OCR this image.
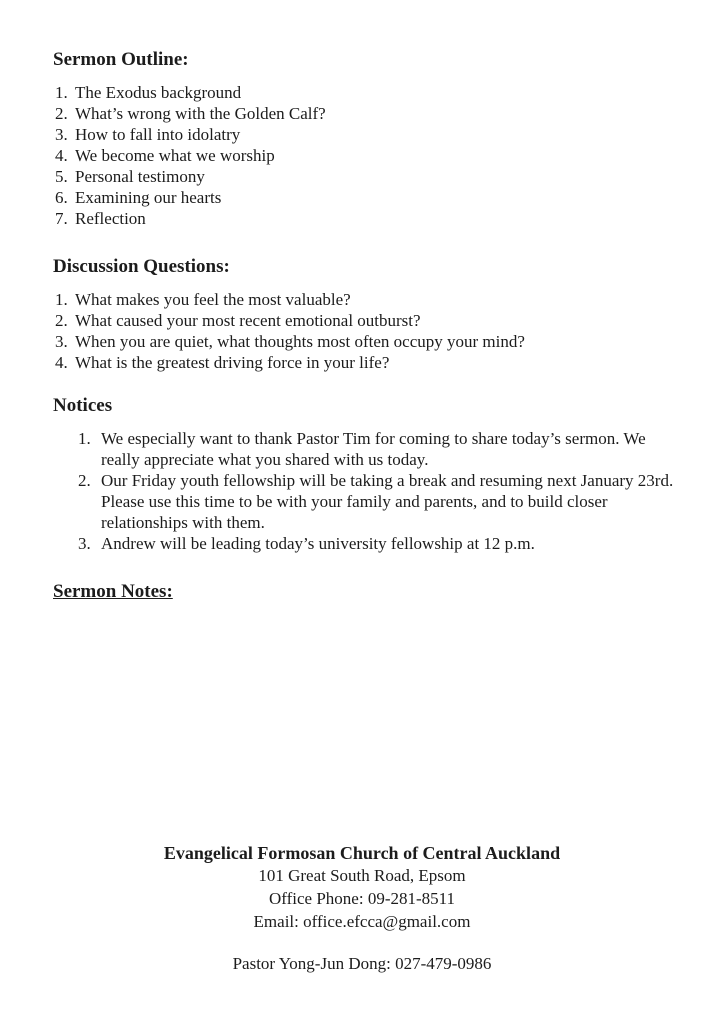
Sermon Outline:
1. The Exodus background
2. What’s wrong with the Golden Calf?
3. How to fall into idolatry
4. We become what we worship
5. Personal testimony
6. Examining our hearts
7. Reflection
Discussion Questions:
1. What makes you feel the most valuable?
2. What caused your most recent emotional outburst?
3. When you are quiet, what thoughts most often occupy your mind?
4. What is the greatest driving force in your life?
Notices
1. We especially want to thank Pastor Tim for coming to share today’s sermon. We really appreciate what you shared with us today.
2. Our Friday youth fellowship will be taking a break and resuming next January 23rd. Please use this time to be with your family and parents, and to build closer relationships with them.
3. Andrew will be leading today’s university fellowship at 12 p.m.
Sermon Notes:

Evangelical Formosan Church of Central Auckland

101 Great South Road, Epsom

Office Phone: 09-281-8511

Email: office.efcca@gmail.com

Pastor Yong-Jun Dong: 027-479-0986
